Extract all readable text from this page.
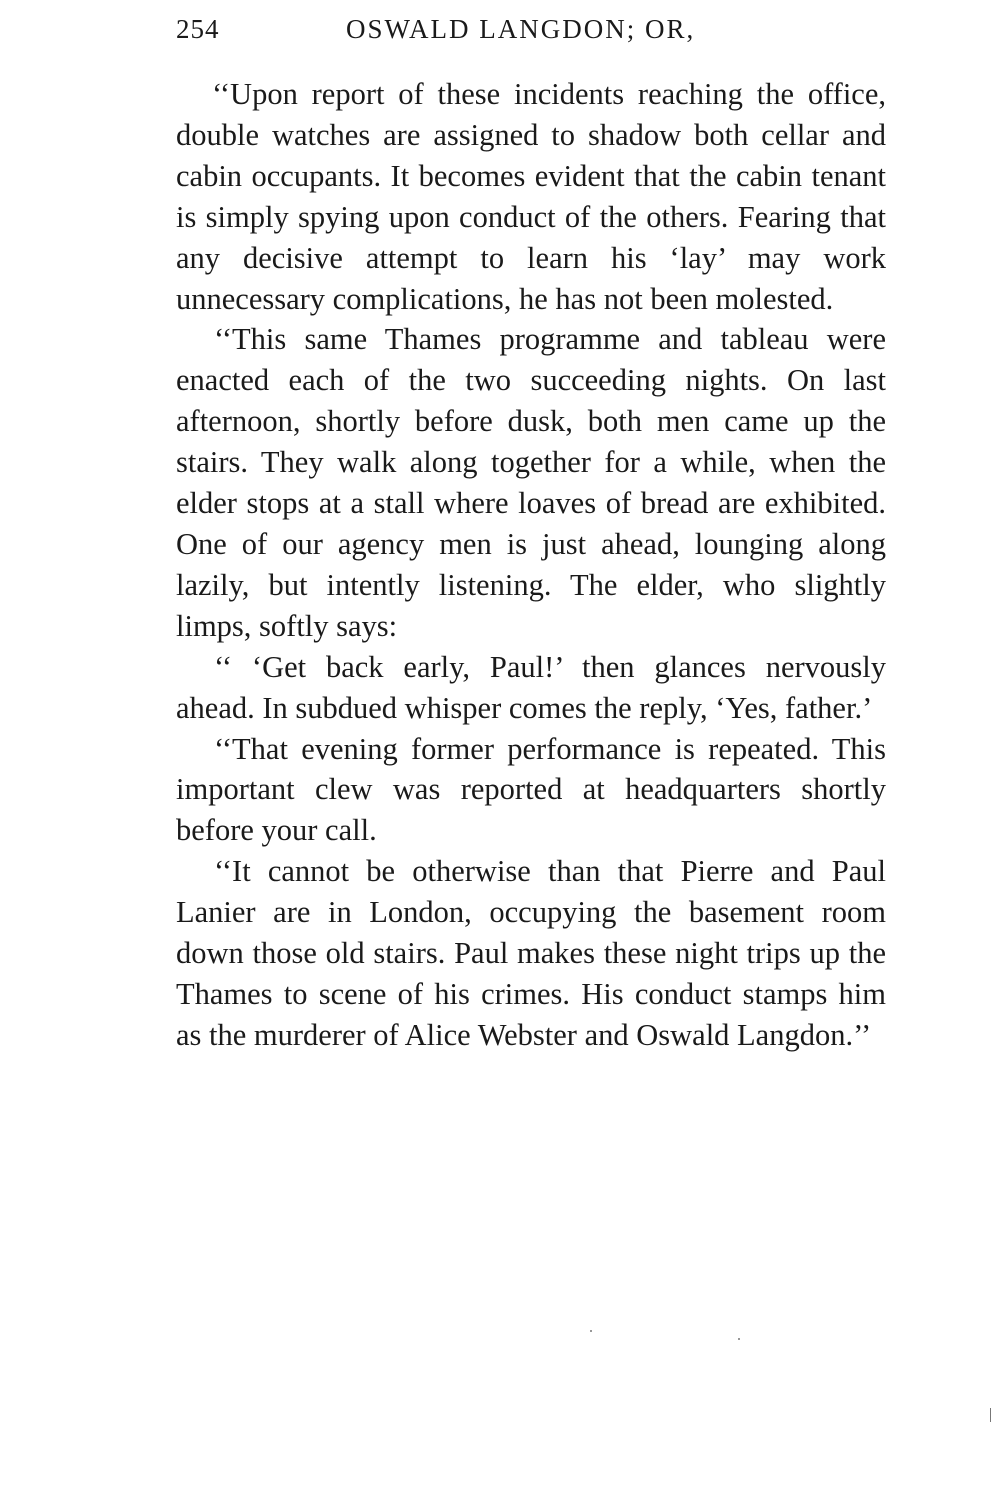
254	OSWALD LANGDON; OR,

‘‘Upon report of these incidents reaching the office, double watches are assigned to shadow both cellar and cabin occupants. It becomes evident that the cabin tenant is simply spying upon conduct of the others. Fearing that any decisive attempt to learn his ‘lay’ may work unnecessary complications, he has not been molested.

‘‘This same Thames programme and tableau were enacted each of the two succeeding nights. On last afternoon, shortly before dusk, both men came up the stairs. They walk along together for a while, when the elder stops at a stall where loaves of bread are exhibited. One of our agency men is just ahead, lounging along lazily, but intently listening. The elder, who slightly limps, softly says:

‘‘ ‘Get back early, Paul!’ then glances nervously ahead. In subdued whisper comes the reply, ‘Yes, father.’

‘‘That evening former performance is repeated. This important clew was reported at headquarters shortly before your call.

‘‘It cannot be otherwise than that Pierre and Paul Lanier are in London, occupying the basement room down those old stairs. Paul makes these night trips up the Thames to scene of his crimes. His conduct stamps him as the murderer of Alice Webster and Oswald Langdon.’’
